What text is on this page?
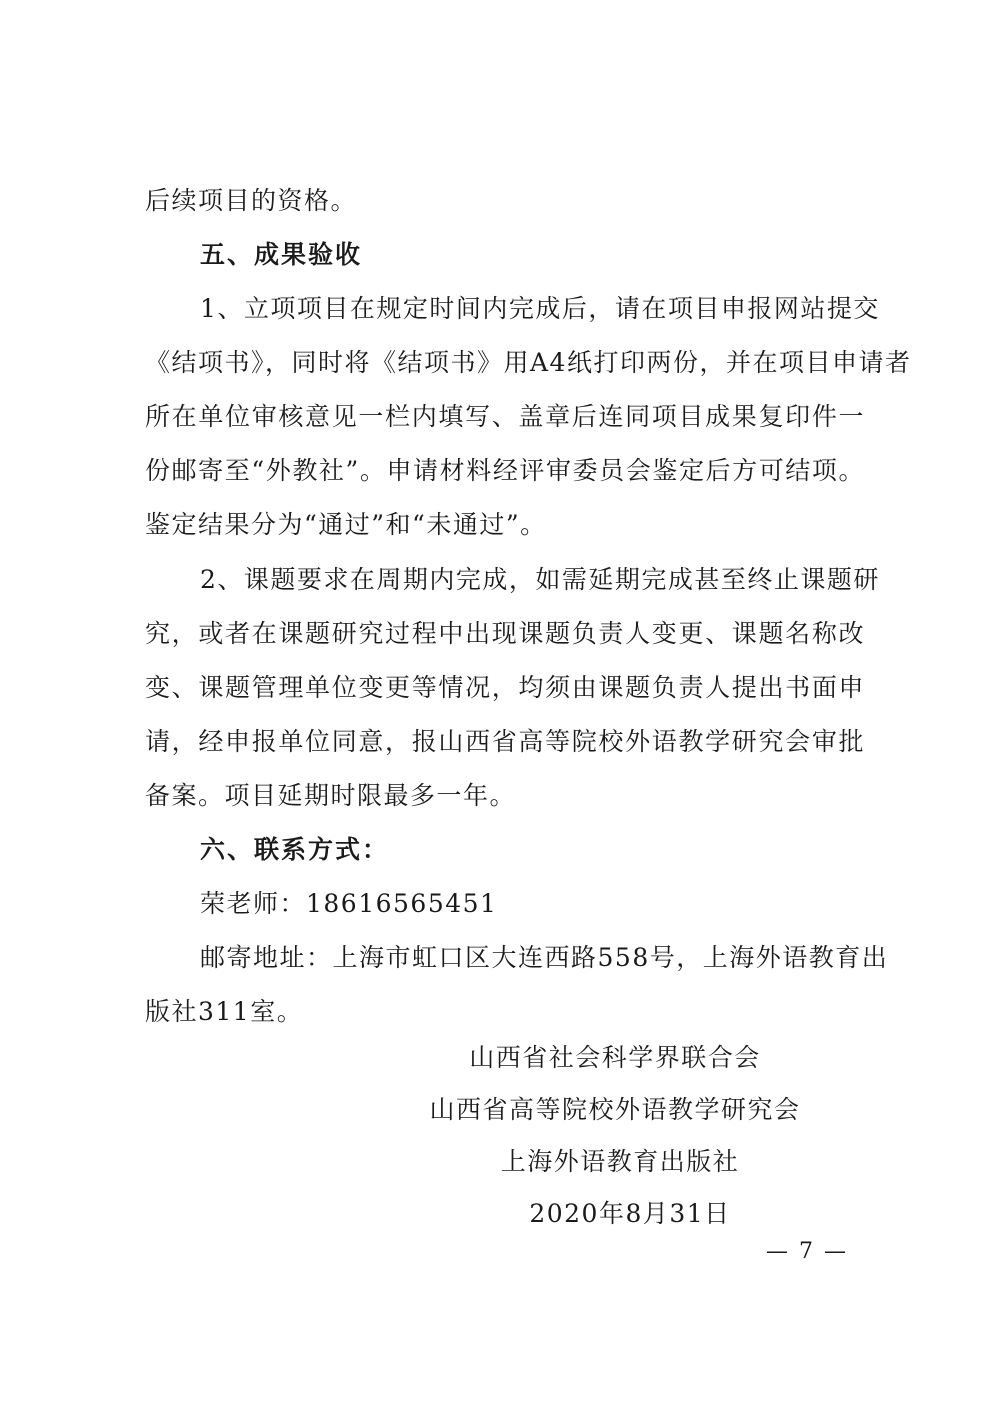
后续项目的资格。
五、成果验收
1、立项项目在规定时间内完成后，请在项目申报网站提交
《结项书》，同时将《结项书》用A4纸打印两份，并在项目申请者
所在单位审核意见一栏内填写、盖章后连同项目成果复印件一
份邮寄至“外教社”。申请材料经评审委员会鉴定后方可结项。
鉴定结果分为“通过”和“未通过”。
2、课题要求在周期内完成，如需延期完成甚至终止课题研
究，或者在课题研究过程中出现课题负责人变更、课题名称改
变、课题管理单位变更等情况，均须由课题负责人提出书面申
请，经申报单位同意，报山西省高等院校外语教学研究会审批
备案。项目延期时限最多一年。
六、联系方式：
荣老师：18616565451
邮寄地址：上海市虹口区大连西路558号，上海外语教育出
版社311室。
山西省社会科学界联合会
山西省高等院校外语教学研究会
上海外语教育出版社
2020年8月31日
— 7 —
